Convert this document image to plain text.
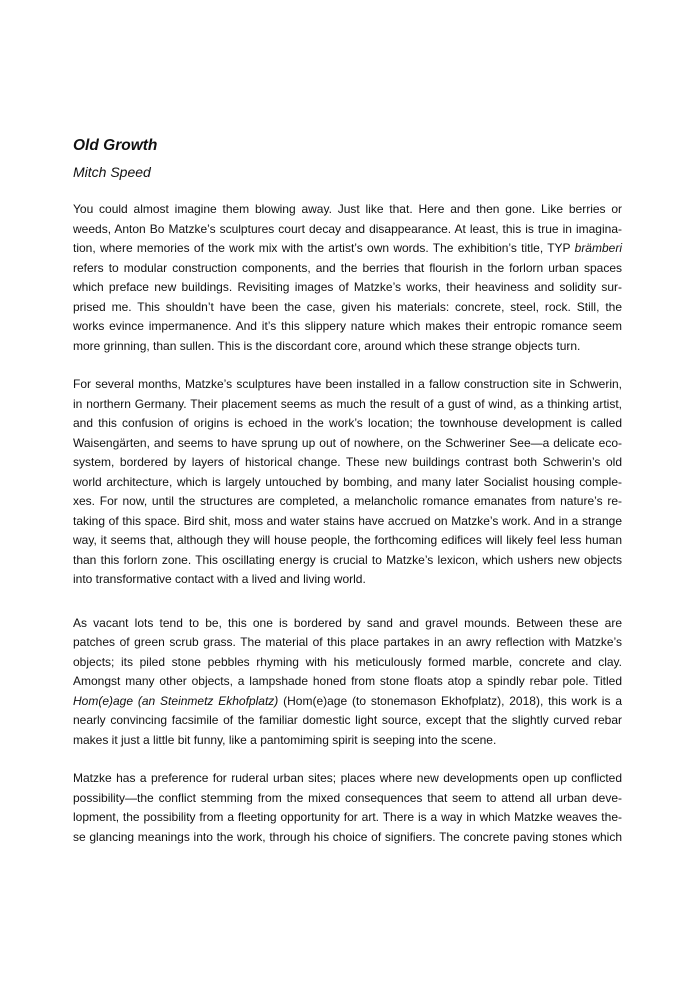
Old Growth

Mitch Speed

You could almost imagine them blowing away. Just like that. Here and then gone. Like berries or
weeds, Anton Bo Matzke’s sculptures court decay and disappearance. At least, this is true in imagina-
tion, where memories of the work mix with the artist’s own words. The exhibition’s title, TYP brämberi
refers to modular construction components, and the berries that flourish in the forlorn urban spaces
which preface new buildings. Revisiting images of Matzke’s works, their heaviness and solidity sur-
prised me. This shouldn’t have been the case, given his materials: concrete, steel, rock. Still, the
works evince impermanence. And it’s this slippery nature which makes their entropic romance seem
more grinning, than sullen. This is the discordant core, around which these strange objects turn.
For several months, Matzke’s sculptures have been installed in a fallow construction site in Schwerin,
in northern Germany. Their placement seems as much the result of a gust of wind, as a thinking artist,
and this confusion of origins is echoed in the work’s location; the townhouse development is called
Waisengärten, and seems to have sprung up out of nowhere, on the Schweriner See—a delicate eco-
system, bordered by layers of historical change. These new buildings contrast both Schwerin’s old
world architecture, which is largely untouched by bombing, and many later Socialist housing comple-
xes. For now, until the structures are completed, a melancholic romance emanates from nature’s re-
taking of this space. Bird shit, moss and water stains have accrued on Matzke’s work. And in a strange
way, it seems that, although they will house people, the forthcoming edifices will likely feel less human
than this forlorn zone. This oscillating energy is crucial to Matzke’s lexicon, which ushers new objects
into transformative contact with a lived and living world.
As vacant lots tend to be, this one is bordered by sand and gravel mounds. Between these are
patches of green scrub grass. The material of this place partakes in an awry reflection with Matzke’s
objects; its piled stone pebbles rhyming with his meticulously formed marble, concrete and clay.
Amongst many other objects, a lampshade honed from stone floats atop a spindly rebar pole. Titled
Hom(e)age (an Steinmetz Ekhofplatz) (Hom(e)age (to stonemason Ekhofplatz), 2018), this work is a
nearly convincing facsimile of the familiar domestic light source, except that the slightly curved rebar
makes it just a little bit funny, like a pantomiming spirit is seeping into the scene.
Matzke has a preference for ruderal urban sites; places where new developments open up conflicted
possibility—the conflict stemming from the mixed consequences that seem to attend all urban deve-
lopment, the possibility from a fleeting opportunity for art. There is a way in which Matzke weaves the-
se glancing meanings into the work, through his choice of signifiers. The concrete paving stones which
